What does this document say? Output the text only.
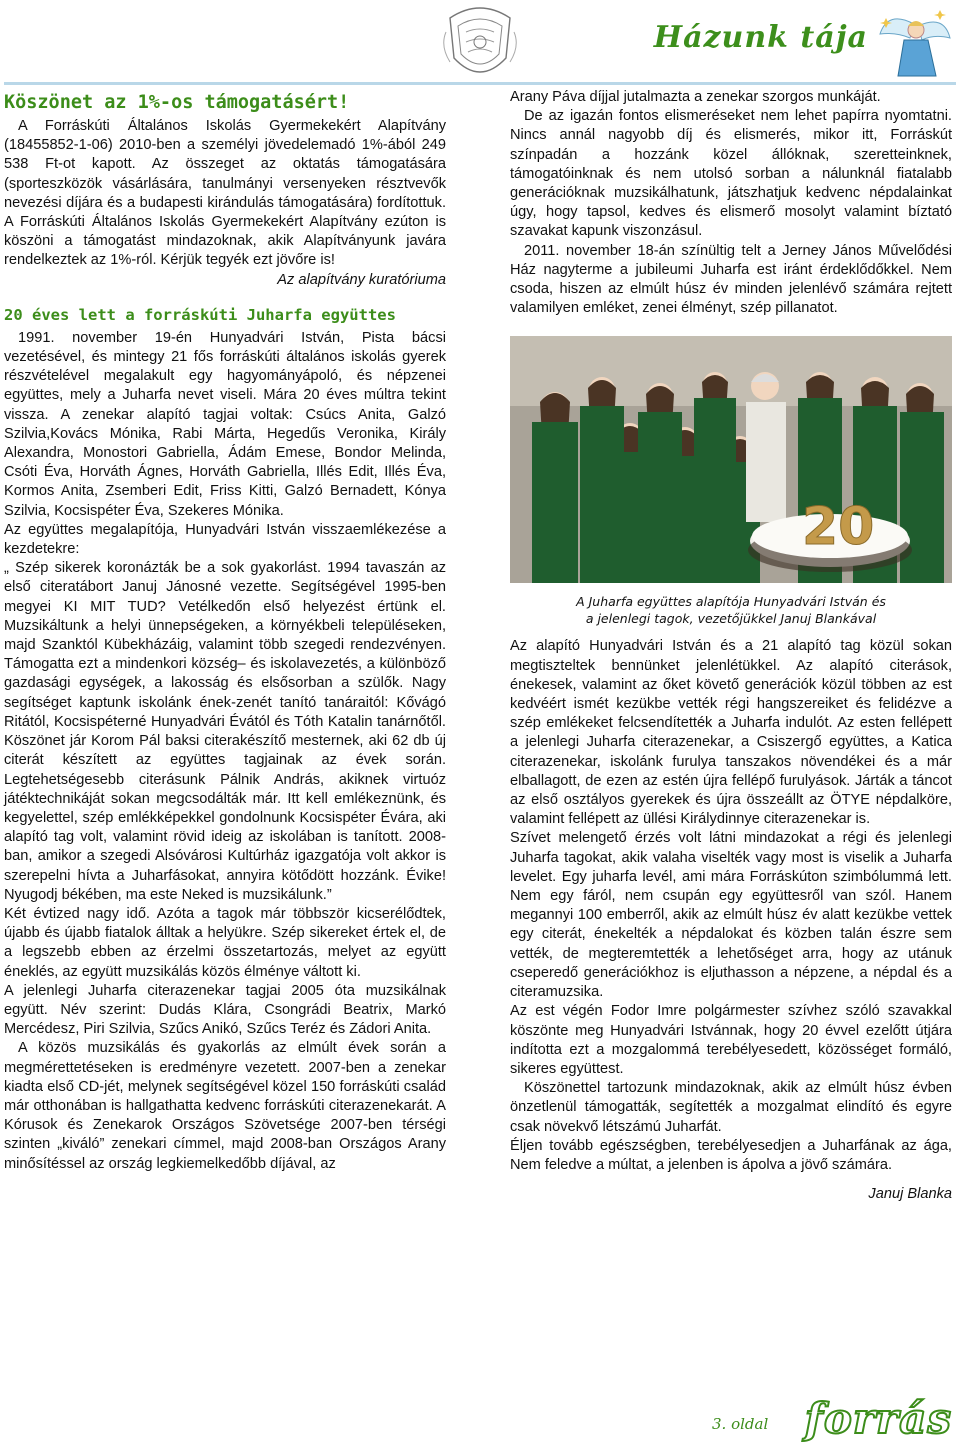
Házunk tája
Köszönet az 1%-os támogatásért!

A Forráskúti Általános Iskolás Gyermekekért Alapítvány (18455852-1-06) 2010-ben a személyi jövedelemadó 1%-ából 249 538 Ft-ot kapott. Az összeget az oktatás támogatására (sporteszközök vásárlására, tanulmányi versenyeken résztvevők nevezési díjára és a budapesti kirándulás támogatására) fordítottuk. A Forráskúti Általános Iskolás Gyermekekért Alapítvány ezúton is köszöni a támogatást mindazoknak, akik Alapítványunk javára rendelkeztek az 1%-ról. Kérjük tegyék ezt jövőre is!

Az alapítvány kuratóriuma

20 éves lett a forráskúti Juharfa együttes

1991. november 19-én Hunyadvári István, Pista bácsi vezetésével, és mintegy 21 fős forráskúti általános iskolás gyerek részvételével megalakult egy hagyományápoló, és népzenei együttes, mely a Juharfa nevet viseli. Mára 20 éves múltra tekint vissza. A zenekar alapító tagjai voltak: Csúcs Anita, Galzó Szilvia,Kovács Mónika, Rabi Márta, Hegedűs Veronika, Király Alexandra, Monostori Gabriella, Ádám Emese, Bondor Melinda, Csóti Éva, Horváth Ágnes, Horváth Gabriella, Illés Edit, Illés Éva, Kormos Anita, Zsemberi Edit, Friss Kitti, Galzó Bernadett, Kónya Szilvia, Kocsispéter Éva, Szekeres Mónika.

Az együttes megalapítója, Hunyadvári István visszaemlékezése a kezdetekre:

„ Szép sikerek koronázták be a sok gyakorlást. 1994 tavaszán az első citeratábort Januj Jánosné vezette. Segítségével 1995-ben megyei KI MIT TUD? Vetélkedőn első helyezést értünk el. Muzsikáltunk a helyi ünnepségeken, a környékbeli településeken, majd Szanktól Kübekházáig, valamint több szegedi rendezvényen. Támogatta ezt a mindenkori község– és iskolavezetés, a különböző gazdasági egységek, a lakosság és elsősorban a szülők. Nagy segítséget kaptunk iskolánk ének-zenét tanító tanáraitól: Kővágó Ritától, Kocsispéterné Hunyadvári Évától és Tóth Katalin tanárnőtől. Köszönet jár Korom Pál baksi citerakészítő mesternek, aki 62 db új citerát készített az együttes tagjainak az évek során. Legtehetségesebb citerásunk Pálnik András, akiknek virtuóz játéktechnikáját sokan megcsodálták már. Itt kell emlékeznünk, és kegyelettel, szép emlékképekkel gondolnunk Kocsispéter Évára, aki alapító tag volt, valamint rövid ideig az iskolában is tanított. 2008-ban, amikor a szegedi Alsóvárosi Kultúrház igazgatója volt akkor is szerepelni hívta a Juharfásokat, annyira kötődött hozzánk. Évike! Nyugodj békében, ma este Neked is muzsikálunk.”

Két évtized nagy idő. Azóta a tagok már többször kicserélődtek, újabb és újabb fiatalok álltak a helyükre. Szép sikereket értek el, de a legszebb ebben az érzelmi összetartozás, melyet az együtt éneklés, az együtt muzsikálás közös élménye váltott ki.

A jelenlegi Juharfa citerazenekar tagjai 2005 óta muzsikálnak együtt. Név szerint: Dudás Klára, Csongrádi Beatrix, Markó Mercédesz, Piri Szilvia, Szűcs Anikó, Szűcs Teréz és Zádori Anita.

A közös muzsikálás és gyakorlás az elmúlt évek során a megmérettetéseken is eredményre vezetett. 2007-ben a zenekar kiadta első CD-jét, melynek segítségével közel 150 forráskúti család már otthonában is hallgathatta kedvenc forráskúti citerazenekarát. A Kórusok és Zenekarok Országos Szövetsége 2007-ben térségi szinten „kiváló” zenekari címmel, majd 2008-ban Országos Arany minősítéssel az ország legkiemelkedőbb díjával, az

Arany Páva díjjal jutalmazta a zenekar szorgos munkáját.

De az igazán fontos elismeréseket nem lehet papírra nyomtatni. Nincs annál nagyobb díj és elismerés, mikor itt, Forráskút színpadán a hozzánk közel állóknak, szeretteinknek, támogatóinknak és nem utolsó sorban a nálunknál fiatalabb generációknak muzsikálhatunk, játszhatjuk kedvenc népdalainkat úgy, hogy tapsol, kedves és elismerő mosolyt valamint bíztató szavakat kapunk viszonzásul.

2011. november 18-án színültig telt a Jerney János Művelődési Ház nagyterme a jubileumi Juharfa est iránt érdeklődőkkel. Nem csoda, hiszen az elmúlt húsz év minden jelenlévő számára rejtett valamilyen emléket, zenei élményt, szép pillanatot.

20
A Juharfa együttes alapítója Hunyadvári István és
a jelenlegi tagok, vezetőjükkel Januj Blankával

Az alapító Hunyadvári István és a 21 alapító tag közül sokan megtiszteltek bennünket jelenlétükkel. Az alapító citerások, énekesek, valamint az őket követő generációk közül többen az est kedvéért ismét kezükbe vették régi hangszereiket és felidézve a szép emlékeket felcsendítették a Juharfa indulót. Az esten fellépett a jelenlegi Juharfa citerazenekar, a Csiszergő együttes, a Katica citerazenekar, iskolánk furulya tanszakos növendékei és a már elballagott, de ezen az estén újra fellépő furulyások. Járták a táncot az első osztályos gyerekek és újra összeállt az ÖTYE népdalköre, valamint fellépett az üllési Királydinnye citerazenekar is.

Szívet melengető érzés volt látni mindazokat a régi és jelenlegi Juharfa tagokat, akik valaha viselték vagy most is viselik a Juharfa levelet. Egy juharfa levél, ami mára Forráskúton szimbólummá lett. Nem egy fáról, nem csupán egy együttesről van szól. Hanem megannyi 100 emberről, akik az elmúlt húsz év alatt kezükbe vettek egy citerát, énekelték a népdalokat és közben talán észre sem vették, de megteremtették a lehetőséget arra, hogy az utánuk cseperedő generációkhoz is eljuthasson a népzene, a népdal és a citeramuzsika.

Az est végén Fodor Imre polgármester szívhez szóló szavakkal köszönte meg Hunyadvári Istvánnak, hogy 20 évvel ezelőtt útjára indította ezt a mozgalommá terebélyesedett, közösséget formáló, sikeres együttest.

Köszönettel tartozunk mindazoknak, akik az elmúlt húsz évben önzetlenül támogatták, segítették a mozgalmat elindító és egyre csak növekvő létszámú Juharfát.

Éljen tovább egészségben, terebélyesedjen a Juharfának az ága, Nem feledve a múltat, a jelenben is ápolva a jövő számára.

Januj Blanka

3. oldal forrás
